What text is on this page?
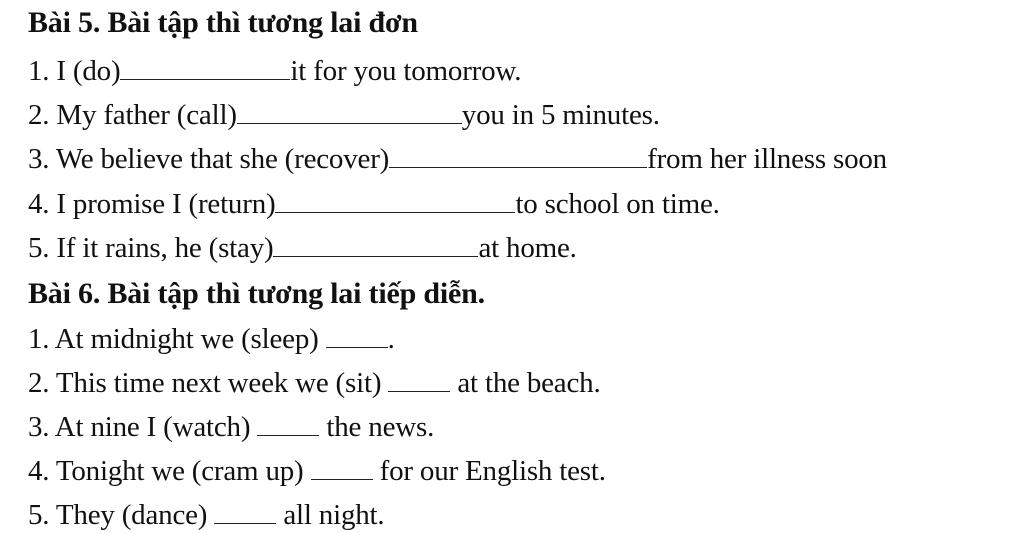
Bài 5. Bài tập thì tương lai đơn
1. I (do)	it for you tomorrow.
2. My father (call)	you in 5 minutes.
3. We believe that she (recover)	from her illness soon
4. I promise I (return)	to school on time.
5. If it rains, he (stay)	at home.
Bài 6. Bài tập thì tương lai tiếp diễn.
1. At midnight we (sleep) .
2. This time next week we (sit)  at the beach.
3. At nine I (watch)  the news.
4. Tonight we (cram up)  for our English test.
5. They (dance)  all night.
